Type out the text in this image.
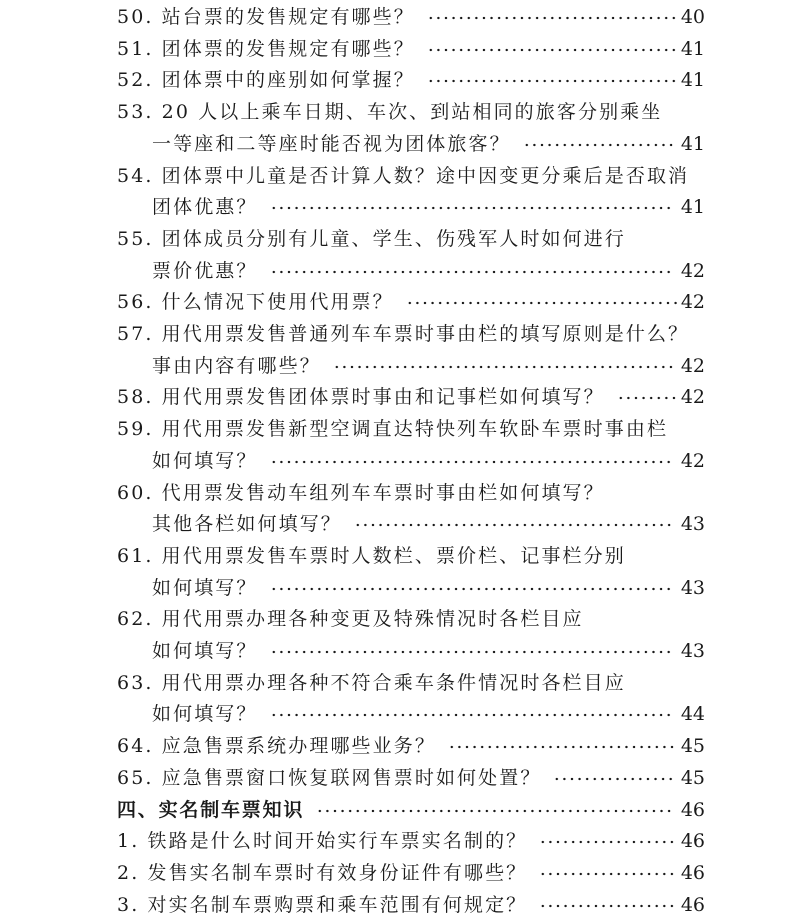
50. 站台票的发售规定有哪些？	40
51. 团体票的发售规定有哪些？	41
52. 团体票中的座别如何掌握？	41
53. 20 人以上乘车日期、车次、到站相同的旅客分别乘坐
一等座和二等座时能否视为团体旅客？	41
54. 团体票中儿童是否计算人数？途中因变更分乘后是否取消
团体优惠？	41
55. 团体成员分别有儿童、学生、伤残军人时如何进行
票价优惠？	42
56. 什么情况下使用代用票？	42
57. 用代用票发售普通列车车票时事由栏的填写原则是什么？
事由内容有哪些？	42
58. 用代用票发售团体票时事由和记事栏如何填写？	42
59. 用代用票发售新型空调直达特快列车软卧车票时事由栏
如何填写？	42
60. 代用票发售动车组列车车票时事由栏如何填写？
其他各栏如何填写？	43
61. 用代用票发售车票时人数栏、票价栏、记事栏分别
如何填写？	43
62. 用代用票办理各种变更及特殊情况时各栏目应
如何填写？	43
63. 用代用票办理各种不符合乘车条件情况时各栏目应
如何填写？	44
64. 应急售票系统办理哪些业务？	45
65. 应急售票窗口恢复联网售票时如何处置？	45
四、实名制车票知识	46
1. 铁路是什么时间开始实行车票实名制的？	46
2. 发售实名制车票时有效身份证件有哪些？	46
3. 对实名制车票购票和乘车范围有何规定？	46
